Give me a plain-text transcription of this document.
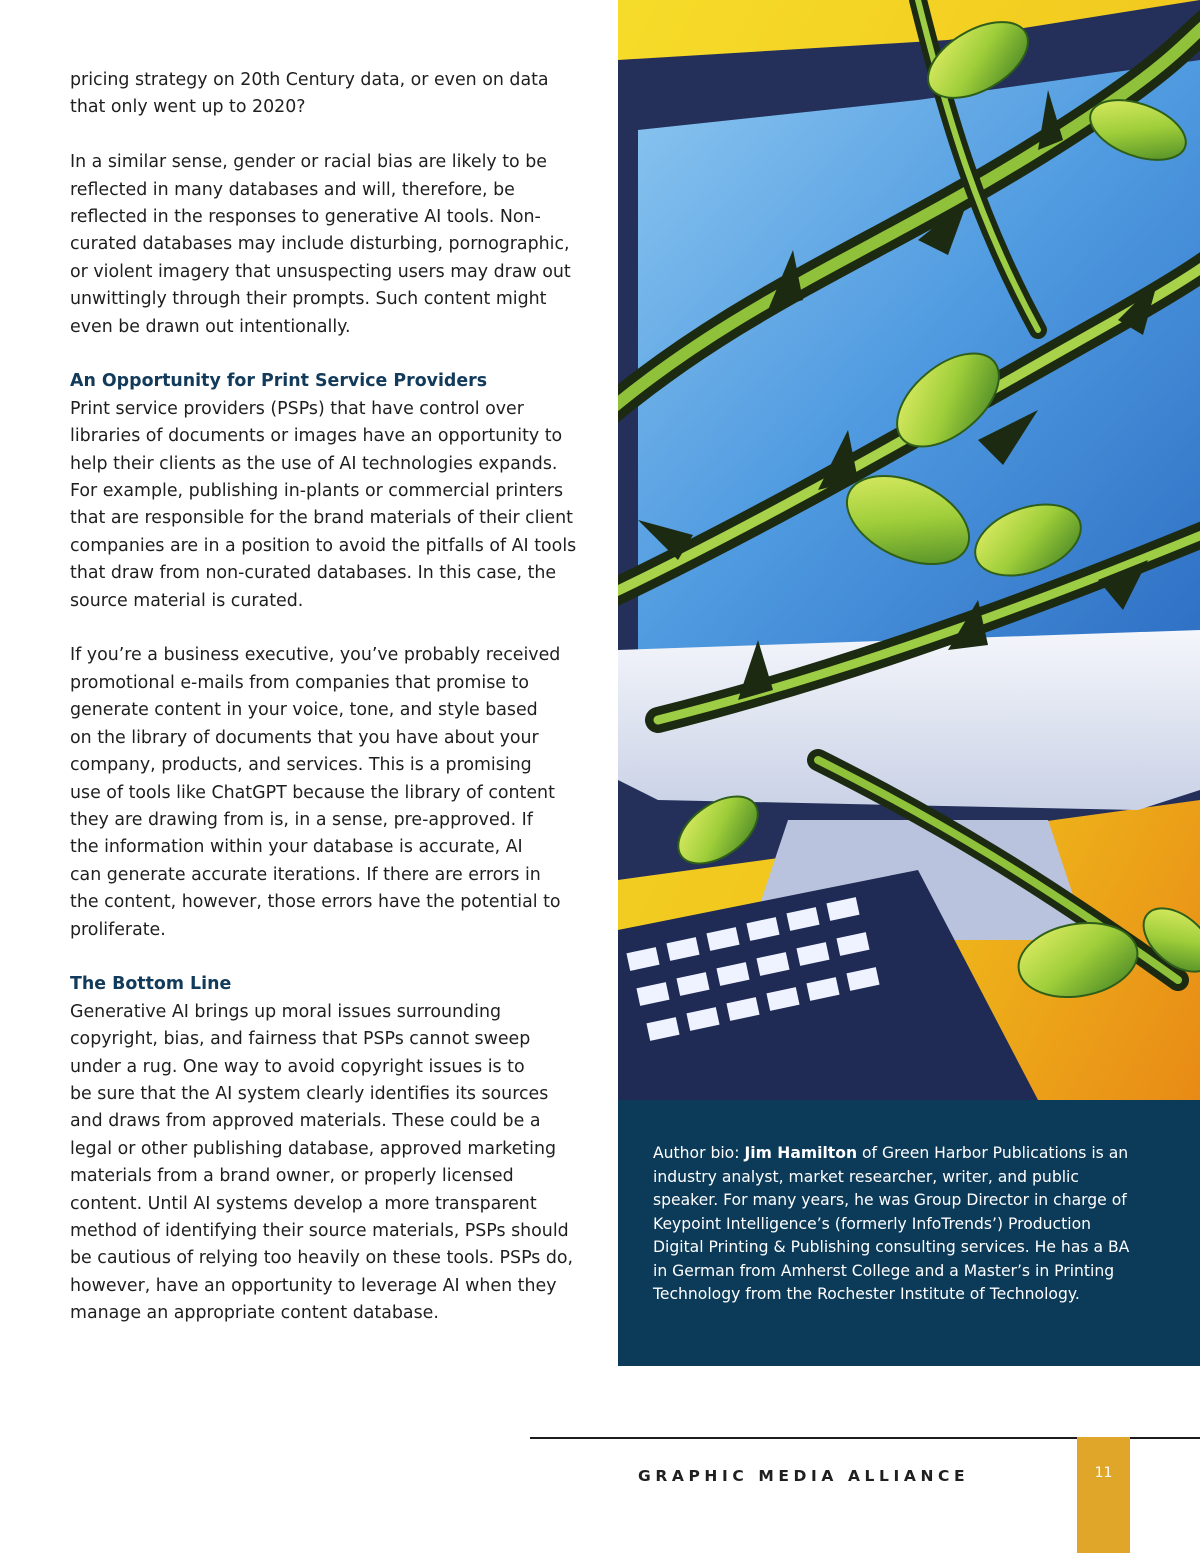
pricing strategy on 20th Century data, or even on data
that only went up to 2020?

In a similar sense, gender or racial bias are likely to be
reflected in many databases and will, therefore, be
reflected in the responses to generative AI tools. Non-
curated databases may include disturbing, pornographic,
or violent imagery that unsuspecting users may draw out
unwittingly through their prompts. Such content might
even be drawn out intentionally.

An Opportunity for Print Service Providers

Print service providers (PSPs) that have control over
libraries of documents or images have an opportunity to
help their clients as the use of AI technologies expands.
For example, publishing in-plants or commercial printers
that are responsible for the brand materials of their client
companies are in a position to avoid the pitfalls of AI tools
that draw from non-curated databases. In this case, the
source material is curated.

If you’re a business executive, you’ve probably received
promotional e-mails from companies that promise to
generate content in your voice, tone, and style based
on the library of documents that you have about your
company, products, and services. This is a promising
use of tools like ChatGPT because the library of content
they are drawing from is, in a sense, pre-approved. If
the information within your database is accurate, AI
can generate accurate iterations. If there are errors in
the content, however, those errors have the potential to
proliferate.

The Bottom Line

Generative AI brings up moral issues surrounding
copyright, bias, and fairness that PSPs cannot sweep
under a rug. One way to avoid copyright issues is to
be sure that the AI system clearly identifies its sources
and draws from approved materials. These could be a
legal or other publishing database, approved marketing
materials from a brand owner, or properly licensed
content. Until AI systems develop a more transparent
method of identifying their source materials, PSPs should
be cautious of relying too heavily on these tools. PSPs do,
however, have an opportunity to leverage AI when they
manage an appropriate content database.

Author bio: Jim Hamilton of Green Harbor Publications is an industry analyst, market researcher, writer, and public speaker. For many years, he was Group Director in charge of Keypoint Intelligence’s (formerly InfoTrends’) Production Digital Printing & Publishing consulting services. He has a BA in German from Amherst College and a Master’s in Printing Technology from the Rochester Institute of Technology.

GRAPHIC MEDIA ALLIANCE	11
